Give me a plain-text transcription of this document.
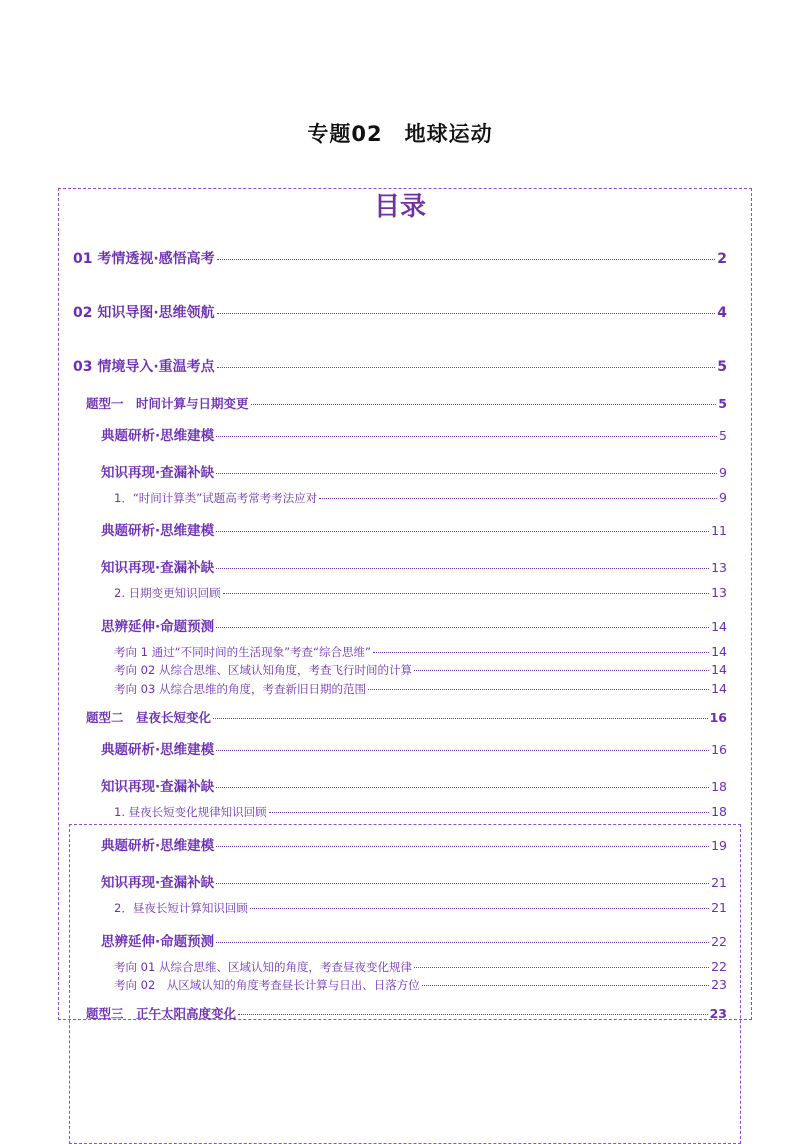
专题02　地球运动
目录
01 考情透视·感悟高考	2
02 知识导图·思维领航	4
03 情境导入·重温考点	5
题型一　时间计算与日期变更	5
典题研析·思维建模	5
知识再现·查漏补缺	9
1．“时间计算类”试题高考常考考法应对	9
典题研析·思维建模	11
知识再现·查漏补缺	13
2. 日期变更知识回顾	13
思辨延伸·命题预测	14
考向 1 通过“不同时间的生活现象”考查“综合思维”	14
考向 02 从综合思维、区域认知角度，考查飞行时间的计算	14
考向 03 从综合思维的角度，考查新旧日期的范围	14
题型二　昼夜长短变化	16
典题研析·思维建模	16
知识再现·查漏补缺	18
1. 昼夜长短变化规律知识回顾	18
典题研析·思维建模	19
知识再现·查漏补缺	21
2．昼夜长短计算知识回顾	21
思辨延伸·命题预测	22
考向 01 从综合思维、区域认知的角度，考查昼夜变化规律	22
考向 02　从区域认知的角度考查昼长计算与日出、日落方位	23
题型三　正午太阳高度变化	23
